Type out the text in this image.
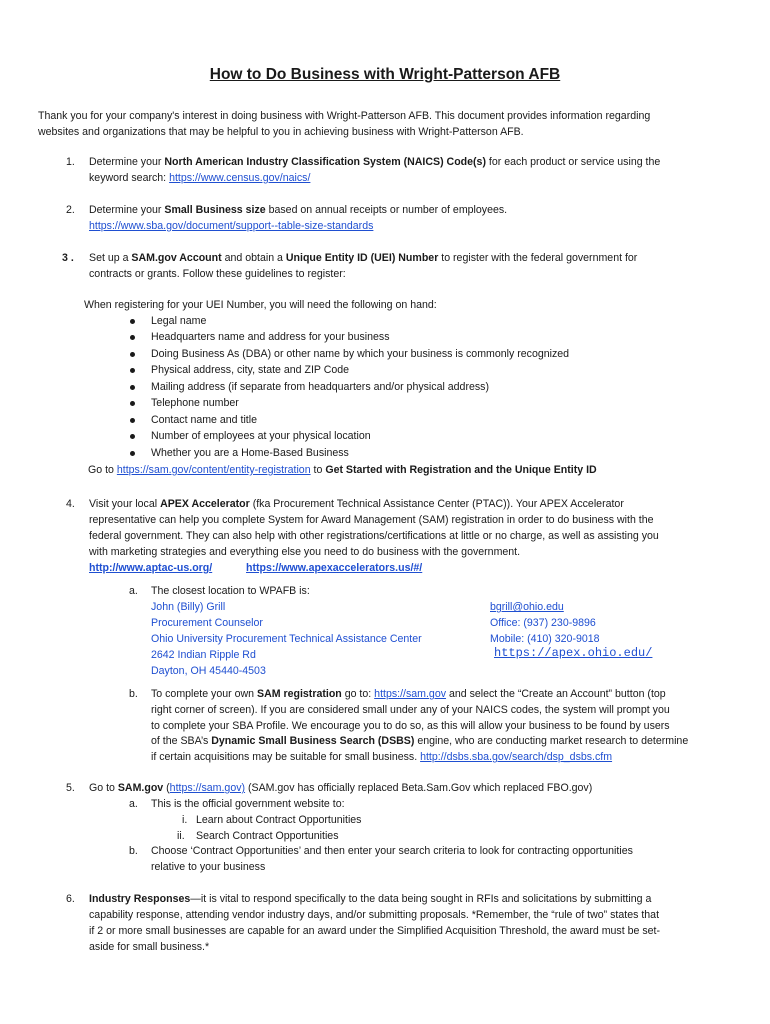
How to Do Business with Wright-Patterson AFB
Thank you for your company's interest in doing business with Wright-Patterson AFB. This document provides information regarding
websites and organizations that may be helpful to you in achieving business with Wright-Patterson AFB.
1. Determine your North American Industry Classification System (NAICS) Code(s) for each product or service using the
keyword search: https://www.census.gov/naics/
2. Determine your Small Business size based on annual receipts or number of employees.
https://www.sba.gov/document/support--table-size-standards
3 . Set up a SAM.gov Account and obtain a Unique Entity ID (UEI) Number to register with the federal government for
contracts or grants. Follow these guidelines to register:
When registering for your UEI Number, you will need the following on hand:
Legal name
Headquarters name and address for your business
Doing Business As (DBA) or other name by which your business is commonly recognized
Physical address, city, state and ZIP Code
Mailing address (if separate from headquarters and/or physical address)
Telephone number
Contact name and title
Number of employees at your physical location
Whether you are a Home-Based Business
Go to https://sam.gov/content/entity-registration to Get Started with Registration and the Unique Entity ID
4. Visit your local APEX Accelerator (fka Procurement Technical Assistance Center (PTAC)). Your APEX Accelerator
representative can help you complete System for Award Management (SAM) registration in order to do business with the
federal government. They can also help with other registrations/certifications at little or no charge, as well as assisting you
with marketing strategies and everything else you need to do business with the government.
http://www.aptac-us.org/	https://www.apexaccelerators.us/#/
a. The closest location to WPAFB is:
John (Billy) Grill
Procurement Counselor
Ohio University Procurement Technical Assistance Center
2642 Indian Ripple Rd
Dayton, OH 45440-4503
bgrill@ohio.edu
Office: (937) 230-9896
Mobile: (410) 320-9018
https://apex.ohio.edu/
b. To complete your own SAM registration go to: https://sam.gov and select the “Create an Account” button (top
right corner of screen). If you are considered small under any of your NAICS codes, the system will prompt you
to complete your SBA Profile. We encourage you to do so, as this will allow your business to be found by users
of the SBA’s Dynamic Small Business Search (DSBS) engine, who are conducting market research to determine
if certain acquisitions may be suitable for small business. http://dsbs.sba.gov/search/dsp_dsbs.cfm
5. Go to SAM.gov (https://sam.gov) (SAM.gov has officially replaced Beta.Sam.Gov which replaced FBO.gov)
a. This is the official government website to:
i. Learn about Contract Opportunities
ii. Search Contract Opportunities
b. Choose ‘Contract Opportunities’ and then enter your search criteria to look for contracting opportunities
relative to your business
6. Industry Responses—it is vital to respond specifically to the data being sought in RFIs and solicitations by submitting a
capability response, attending vendor industry days, and/or submitting proposals. *Remember, the “rule of two” states that
if 2 or more small businesses are capable for an award under the Simplified Acquisition Threshold, the award must be set-
aside for small business.*
